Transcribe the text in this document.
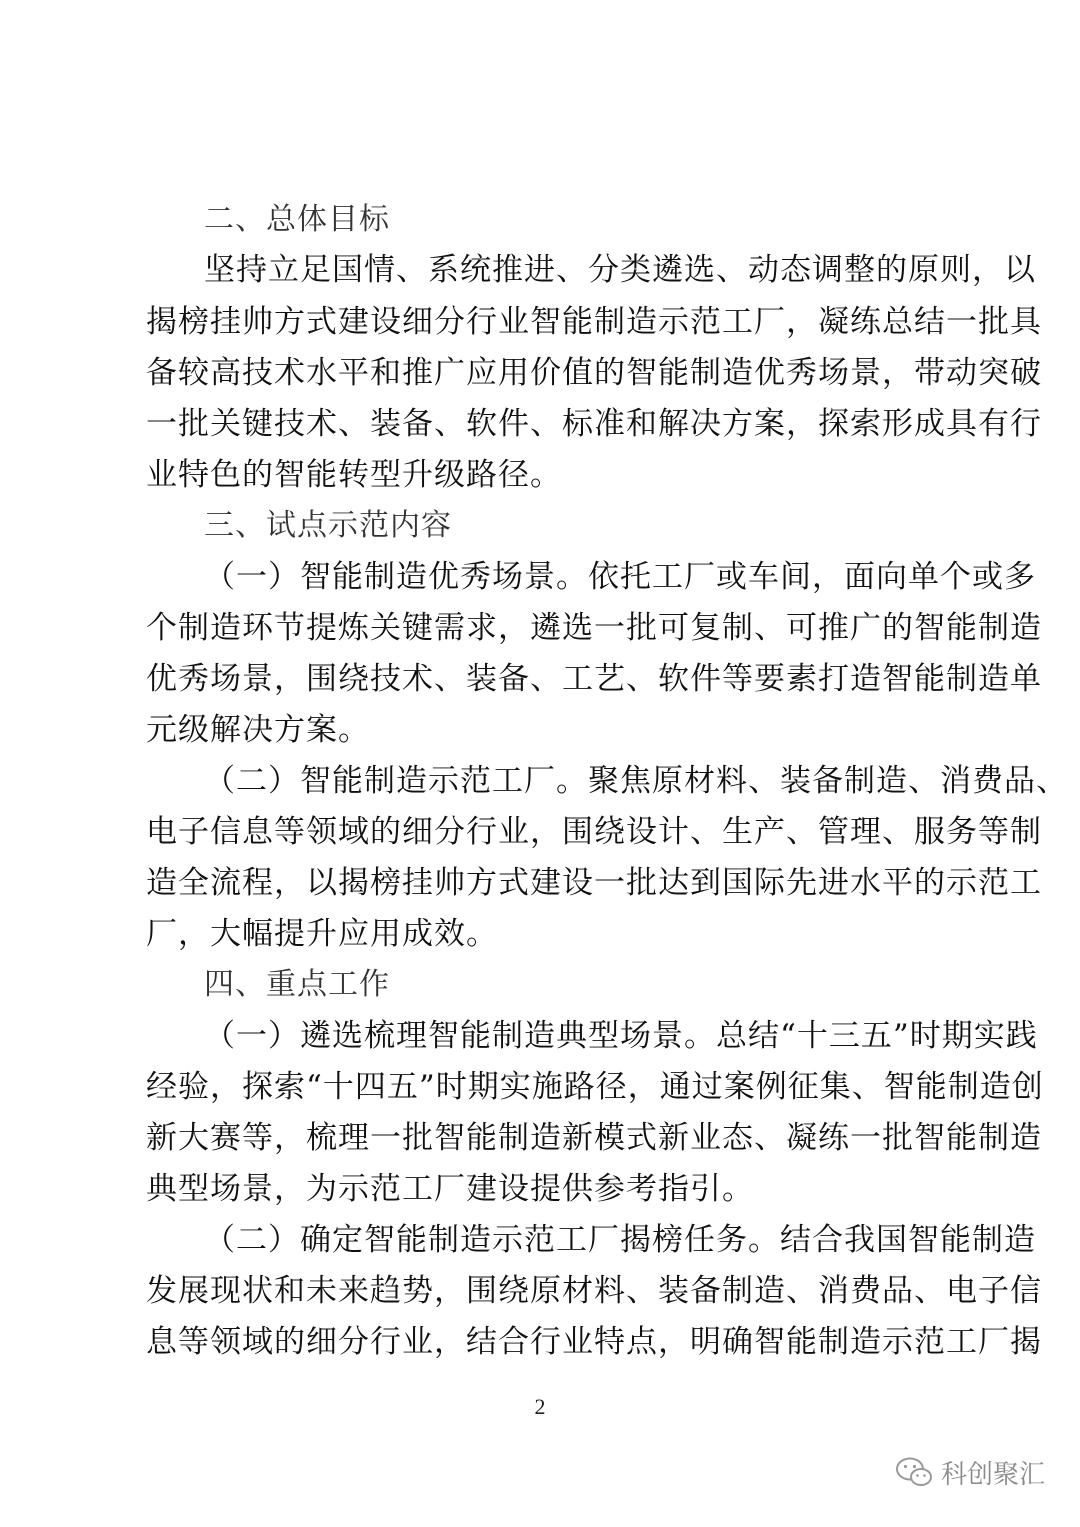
二、总体目标
坚持立足国情、系统推进、分类遴选、动态调整的原则，以
揭榜挂帅方式建设细分行业智能制造示范工厂，凝练总结一批具
备较高技术水平和推广应用价值的智能制造优秀场景，带动突破
一批关键技术、装备、软件、标准和解决方案，探索形成具有行
业特色的智能转型升级路径。
三、试点示范内容
（一）智能制造优秀场景。依托工厂或车间，面向单个或多
个制造环节提炼关键需求，遴选一批可复制、可推广的智能制造
优秀场景，围绕技术、装备、工艺、软件等要素打造智能制造单
元级解决方案。
（二）智能制造示范工厂。聚焦原材料、装备制造、消费品、
电子信息等领域的细分行业，围绕设计、生产、管理、服务等制
造全流程，以揭榜挂帅方式建设一批达到国际先进水平的示范工
厂，大幅提升应用成效。
四、重点工作
（一）遴选梳理智能制造典型场景。总结“十三五”时期实践
经验，探索“十四五”时期实施路径，通过案例征集、智能制造创
新大赛等，梳理一批智能制造新模式新业态、凝练一批智能制造
典型场景，为示范工厂建设提供参考指引。
（二）确定智能制造示范工厂揭榜任务。结合我国智能制造
发展现状和未来趋势，围绕原材料、装备制造、消费品、电子信
息等领域的细分行业，结合行业特点，明确智能制造示范工厂揭
2
科创聚汇
